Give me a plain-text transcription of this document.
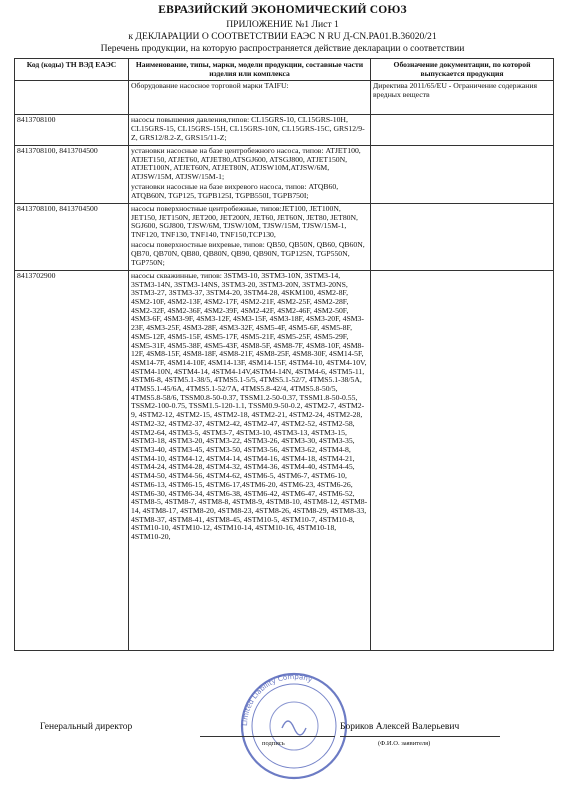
ЕВРАЗИЙСКИЙ ЭКОНОМИЧЕСКИЙ СОЮЗ
ПРИЛОЖЕНИЕ №1 Лист 1
к ДЕКЛАРАЦИИ О СООТВЕТСТВИИ ЕАЭС N RU Д-CN.РА01.В.36020/21
Перечень продукции, на которую распространяется действие декларации о соответствии
Код (коды) ТН ВЭД ЕАЭС	Наименование, типы, марки, модели продукции, составные части изделия или комплекса	Обозначение документации, по которой выпускается продукция

	Оборудование насосное торговой марки TAIFU:	Директива 2011/65/EU - Ограничение содержания вредных веществ
8413708100	насосы повышения давления,типов: CL15GRS-10, CL15GRS-10H, CL15GRS-15, CL15GRS-15H, CL15GRS-10N, CL15GRS-15C, GRS12/9-Z, GRS12/8.2-Z, GRS15/11-Z;	

8413708100, 8413704500	установки насосные на базе центробежного насоса, типов: ATJET100, ATJET150, ATJET60, ATJET80,ATSGJ600, ATSGJ800, ATJET150N, ATJET100N, ATJET60N, ATJET80N, ATJSW10M,ATJSW/6M, ATJSW/15M, ATJSW/15M-1;

установки насосные на базе вихревого насоса, типов: ATQB60, ATQB60N, TGP125, TGPB125I, TGPB550I, TGPB750I;	

8413708100, 8413704500	насосы поверхностные центробежные, типов:JET100, JET100N, JET150, JET150N, JET200, JET200N, JET60, JET60N, JET80, JET80N, SGJ600, SGJ800, TJSW/6M, TJSW/10M, TJSW/15M, TJSW/15M-1, TNF120, TNF130, TNF140, TNF150,TCP130,

насосы поверхностные вихревые, типов: QB50, QB50N, QB60, QB60N, QB70, QB70N, QB80, QB80N, QB90, QB90N, TGP125N, TGP550N, TGP750N;	

8413702900	насосы скважинные, типов: 3STM3-10, 3STM3-10N, 3STM3-14, 3STM3-14N, 3STM3-14NS, 3STM3-20, 3STM3-20N, 3STM3-20NS, 3STM3-27, 3STM3-37, 3STM4-20, 3STM4-28, 4SKM100, 4SM2-8F, 4SM2-10F, 4SM2-13F, 4SM2-17F, 4SM2-21F, 4SM2-25F, 4SM2-28F, 4SM2-32F, 4SM2-36F, 4SM2-39F, 4SM2-42F, 4SM2-46F, 4SM2-50F, 4SM3-6F, 4SM3-9F, 4SM3-12F, 4SM3-15F, 4SM3-18F, 4SM3-20F, 4SM3-23F, 4SM3-25F, 4SM3-28F, 4SM3-32F, 4SM5-4F, 4SM5-6F, 4SM5-8F, 4SM5-12F, 4SM5-15F, 4SM5-17F, 4SM5-21F, 4SM5-25F, 4SM5-29F, 4SM5-31F, 4SM5-38F, 4SM5-43F, 4SM8-5F, 4SM8-7F, 4SM8-10F, 4SM8-12F, 4SM8-15F, 4SM8-18F, 4SM8-21F, 4SM8-25F, 4SM8-30F, 4SM14-5F, 4SM14-7F, 4SM14-10F, 4SM14-13F, 4SM14-15F, 4STM4-10, 4STM4-10V, 4STM4-10N, 4STM4-14, 4STM4-14V,4STM4-14N, 4STM4-6, 4STM5-11, 4STM6-8, 4STM5.1-38/5, 4TMS5.1-5/5, 4TMS5.1-52/7, 4TMS5.1-38/5A, 4TMS5.1-45/6A, 4TMS5.1-52/7A, 4TMS5.8-42/4, 4TMS5.8-50/5, 4TMS5.8-58/6, TSSM0.8-50-0.37, TSSM1.2-50-0.37, TSSM1.8-50-0.55, TSSM2-100-0.75, TSSM1.5-120-1.1, TSSM0.9-50-0.2, 4STM2-7, 4STM2-9, 4STM2-12, 4STM2-15, 4STM2-18, 4STM2-21, 4STM2-24, 4STM2-28, 4STM2-32, 4STM2-37, 4STM2-42, 4STM2-47, 4STM2-52, 4STM2-58, 4STM2-64, 4STM3-5, 4STM3-7, 4STM3-10, 4STM3-13, 4STM3-15, 4STM3-18, 4STM3-20, 4STM3-22, 4STM3-26, 4STM3-30, 4STM3-35, 4STM3-40, 4STM3-45, 4STM3-50, 4STM3-56, 4STM3-62, 4STM4-8, 4STM4-10, 4STM4-12, 4STM4-14, 4STM4-16, 4STM4-18, 4STM4-21, 4STM4-24, 4STM4-28, 4STM4-32, 4STM4-36, 4STM4-40, 4STM4-45, 4STM4-50, 4STM4-56, 4STM4-62, 4STM6-5, 4STM6-7, 4STM6-10, 4STM6-13, 4STM6-15, 4STM6-17,4STM6-20, 4STM6-23, 4STM6-26, 4STM6-30, 4STM6-34, 4STM6-38, 4STM6-42, 4STM6-47, 4STM6-52, 4STM8-5, 4STM8-7, 4STM8-8, 4STM8-9, 4STM8-10, 4STM8-12, 4STM8-14, 4STM8-17, 4STM8-20, 4STM8-23, 4STM8-26, 4STM8-29, 4STM8-33, 4STM8-37, 4STM8-41, 4STM8-45, 4STM10-5, 4STM10-7, 4STM10-8, 4STM10-10, 4STM10-12, 4STM10-14, 4STM10-16, 4STM10-18, 4STM10-20,	

Limited Liability Company
Генеральный директор
подпись
Бориков Алексей Валерьевич
(Ф.И.О. заявителя)
